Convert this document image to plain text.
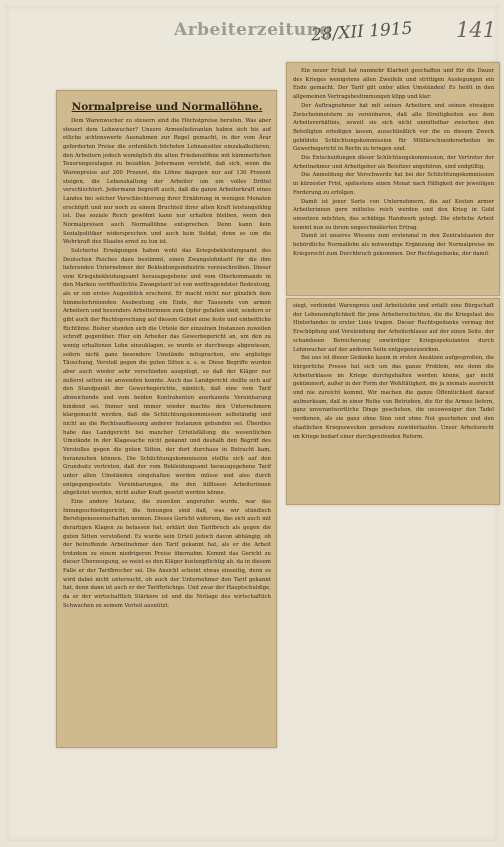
Arbeiterzeitung
28/XII 1915 141
Normalpreise und Normallöhne.

Dem Warenwucher zu steuern sind die Höchstpreise berufen. Was aber steuert dem Lohnwucher? Unsere Armeelieferanten haben sich bis auf etliche achtenswerte Ausnahmen zur Regel gemacht, in der vom Ärar geforderten Preise die erdenklich höchsten Lohnansätze einzukalkulieren, den Arbeitern jedoch womöglich die alten Friedenslöhne mit kümmerlichen Teuerungszulagen zu bezahlen. Jedermann versteht, daß sich, wenn die Warenpreise auf 200 Prozent, die Löhne dagegen nur auf 130 Prozent steigen, die Lebenshaltung der Arbeiter um ein volles Drittel verschlechtert. Jedermann begreift auch, daß die ganze Arbeiterkraft eines Landes bei solcher Verschlechterung ihrer Ernährung in wenigen Monaten erschöpft und nur noch zu einem Bruchteil ihrer alten Kraft leistungsfähig ist. Das soziale Reich gewöhnt kann nur erhalten bleiben, wenn den Normalpreisen auch Normallöhne entsprechen. Denn kann kein Sozialpolitiker widersprechen und auch kein Soldat, denn es um die Wehrkraft des Staates ernst zu tun ist.

Solcherlei Erwägungen haben wohl das Kriegsbekleidungsamt des Deutschen Reiches dazu bestimmt, einen Zwangslohntarif für die ihm lieferenden Unternehmer der Bekleidungsindustrie vorzuschreiben. Dieser vom Kriegsbekleidungsamt herausgegebene und vom Oberkommando in den Marken veröffentlichte Zwangstarif ist von weittragendster Bedeutung, als er ein erstes Augenblick erscheint. Er macht nicht nur gänzlich dem himmelschreienden Ausbeutung ein Ende, der Tausende von armen Arbeitern und besonders Arbeiterinnen zum Opfer gefallen sind, sondern er gibt auch der Rechtsprechung auf diesem Gebiet eine feste und einheitliche Richtlinie. Bisher standen sich die Urteile der einzelnen Instanzen zuweilen schroff gegenüber. Hier ein Arbeiter das Gewerbegericht an, um den zu wenig erhaltenen Lohn einzuklagen, so wurde er durchwegs abgewiesen, sofern nicht ganz besondere Umstände mitsprachen, wie arglistige Täuschung, Verstoß gegen die guten Sitten u. s. w. Diese Begriffe wurden aber auch wieder sehr verschieden ausgelegt, so daß der Kläger nur äußerst selten sie anwenden konnte. Auch das Landgericht stellte sich auf den Standpunkt der Gewerbegerichte, nämlich, daß eine vom Tarif abweichende und vom beiden Kontrahenten anerkannte Vereinbarung bindend sei. Immer und immer wieder machte den Unternehmern klargemacht werden, daß die Schlichtungskommission selbständig und nicht an die Rechtsauffassung anderer Instanzen gebunden sei. Überdies habe das Landgericht bei mancher Urteilsfällung die wesentlichen Umstände in der Klagesache nicht gekannt und deshalb den Begriff des Verstoßes gegen die guten Sitten, der dort durchaus in Betracht kam, heranziehen können. Die Schlichtungskommission stellte sich auf den Grundsatz vertreten, daß der vom Bekleidungsamt herausgegebene Tarif unter allen Umständen eingehalten werden müsse und also durch entgegengesetzte Vereinbarungen, die den hilflosen Arbeiterinnen abgelistet werden, nicht außer Kraft gesetzt werden könne.

Eine andere Instanz, die zuweilen angerufen wurde, war das Innungsschiedsgericht, die Innungen sind daß, was wir ständisch Berufsgenossenschaften nennen. Dieses Gericht widerum, das sich auch mit derartigen Klagen zu befassen hat, erklärt den Tarifbruch als gegen die guten Sitten verstoßend. Es wurde sein Urteil jedoch davon abhängig, ob der betreffende Arbeitnehmer den Tarif gekannt hat, als er die Arbeit trotzdem zu einem niedrigeren Preise übernahm. Kommt das Gericht zu dieser Überzeugung, so weist es den Kläger kostenpflichtig ab, da in diesem Falle er der Tarifbrecher sei. Die Ansicht scheint etwas einseitig, denn es wird dabei nicht untersucht, ob auch der Unternehmer den Tarif gekannt hat, denn dann ist auch er der Tarifbrüchige. Und zwar der Hauptschuldige, da er der wirtschaftlich Stärkere ist und die Notlage des wirtschaftlich Schwachen zu seinem Vorteil ausnützt.

Ein neuer Erlaß hat nunmehr Klarheit geschaffen und für die Dauer des Krieges wenigstens allen Zweifeln und strittigen Auslegungen ein Ende gemacht. Der Tarif gilt unter allen Umständen! Es heißt in den allgemeinen Vertragsbestimmungen klipp und klar:

Der Auftragnehmer hat mit seinen Arbeitern und seinen etwaigen Zwischenmeistern zu vereinbaren, daß alle Streitigkeiten aus dem Arbeitsverhältnis, soweit sie sich nicht unmittelbar zwischen den Beteiligten erledigen lassen, ausschließlich vor die zu diesem Zweck gebildete Schlichtungskommission für Militärschneiderarbeiten im Gewerbegericht in Berlin zu bringen sind.

Die Entscheidungen dieser Schlichtungskommission, der Vertreter der Arbeitnehmer und Arbeitgeber als Beisitzer angehören, sind endgültig.

Die Anmeldung der Vorschwerde hat bei der Schlichtungskommission in kürzester Frist, spätestens einen Monat nach Fälligkeit der jeweiligen Forderung zu erfolgen.

Damit ist jener Sorte von Unternehmern, die auf Kosten armer Arbeiterinnen gern mühelos reich werden und den Krieg in Gold umsetzen möchten, das schäbige Handwerk gelegt. Die ehrliche Arbeit kommt nun zu ihrem ungeschmälerten Ertrag.

Damit ist unseres Wissens zum erstenmal in den Zentralstaaten der behördliche Normallohn als notwendige Ergänzung der Normalpreise im Kriegsrecht zum Durchbruch gekommen. Der Rechtsgedanke, der damit

siegt, verbindet Warenpreis und Arbeitslohn und erfaßt eine Bürgschaft der Lebensmöglichkeit für jene Arbeiterschichten, die die Kriegslast des Hinterlandes in erster Linie tragen. Dieser Rechtsgedanke vermag der Erschöpfung und Verelendung der Arbeiterklasse auf der einen Seite, der schamlosen Bereicherung unwürdiger Kriegsspekulanten durch Lohnwucher auf der anderen Seite entgegenzuwirken.

Bei uns ist dieser Gedanke kaum in ersten Ansätzen aufgesproßen, die bürgerliche Presse hat sich um das ganze Problem, wie denn die Arbeiterklasse im Kriege durchgehalten werden könne, gar nicht gekümmert, außer in der Form der Wohltätigkeit, die ja niemals ausreicht und nie zureicht kommt. Wir machen die ganze Öffentlichkeit darauf aufmerksam, daß in einer Reihe von Betrieben, die für die Armee liefern, ganz unverantwortliche Dinge geschehen, die unsoweniger den Tadel verdienen, als sie ganz ohne Sinn und ohne Not geschehen und den staatlichen Kriegszwecken geradezu zuwiderlaufen. Unser Arbeitsrecht im Kriege bedarf einer durchgreifenden Reform.
